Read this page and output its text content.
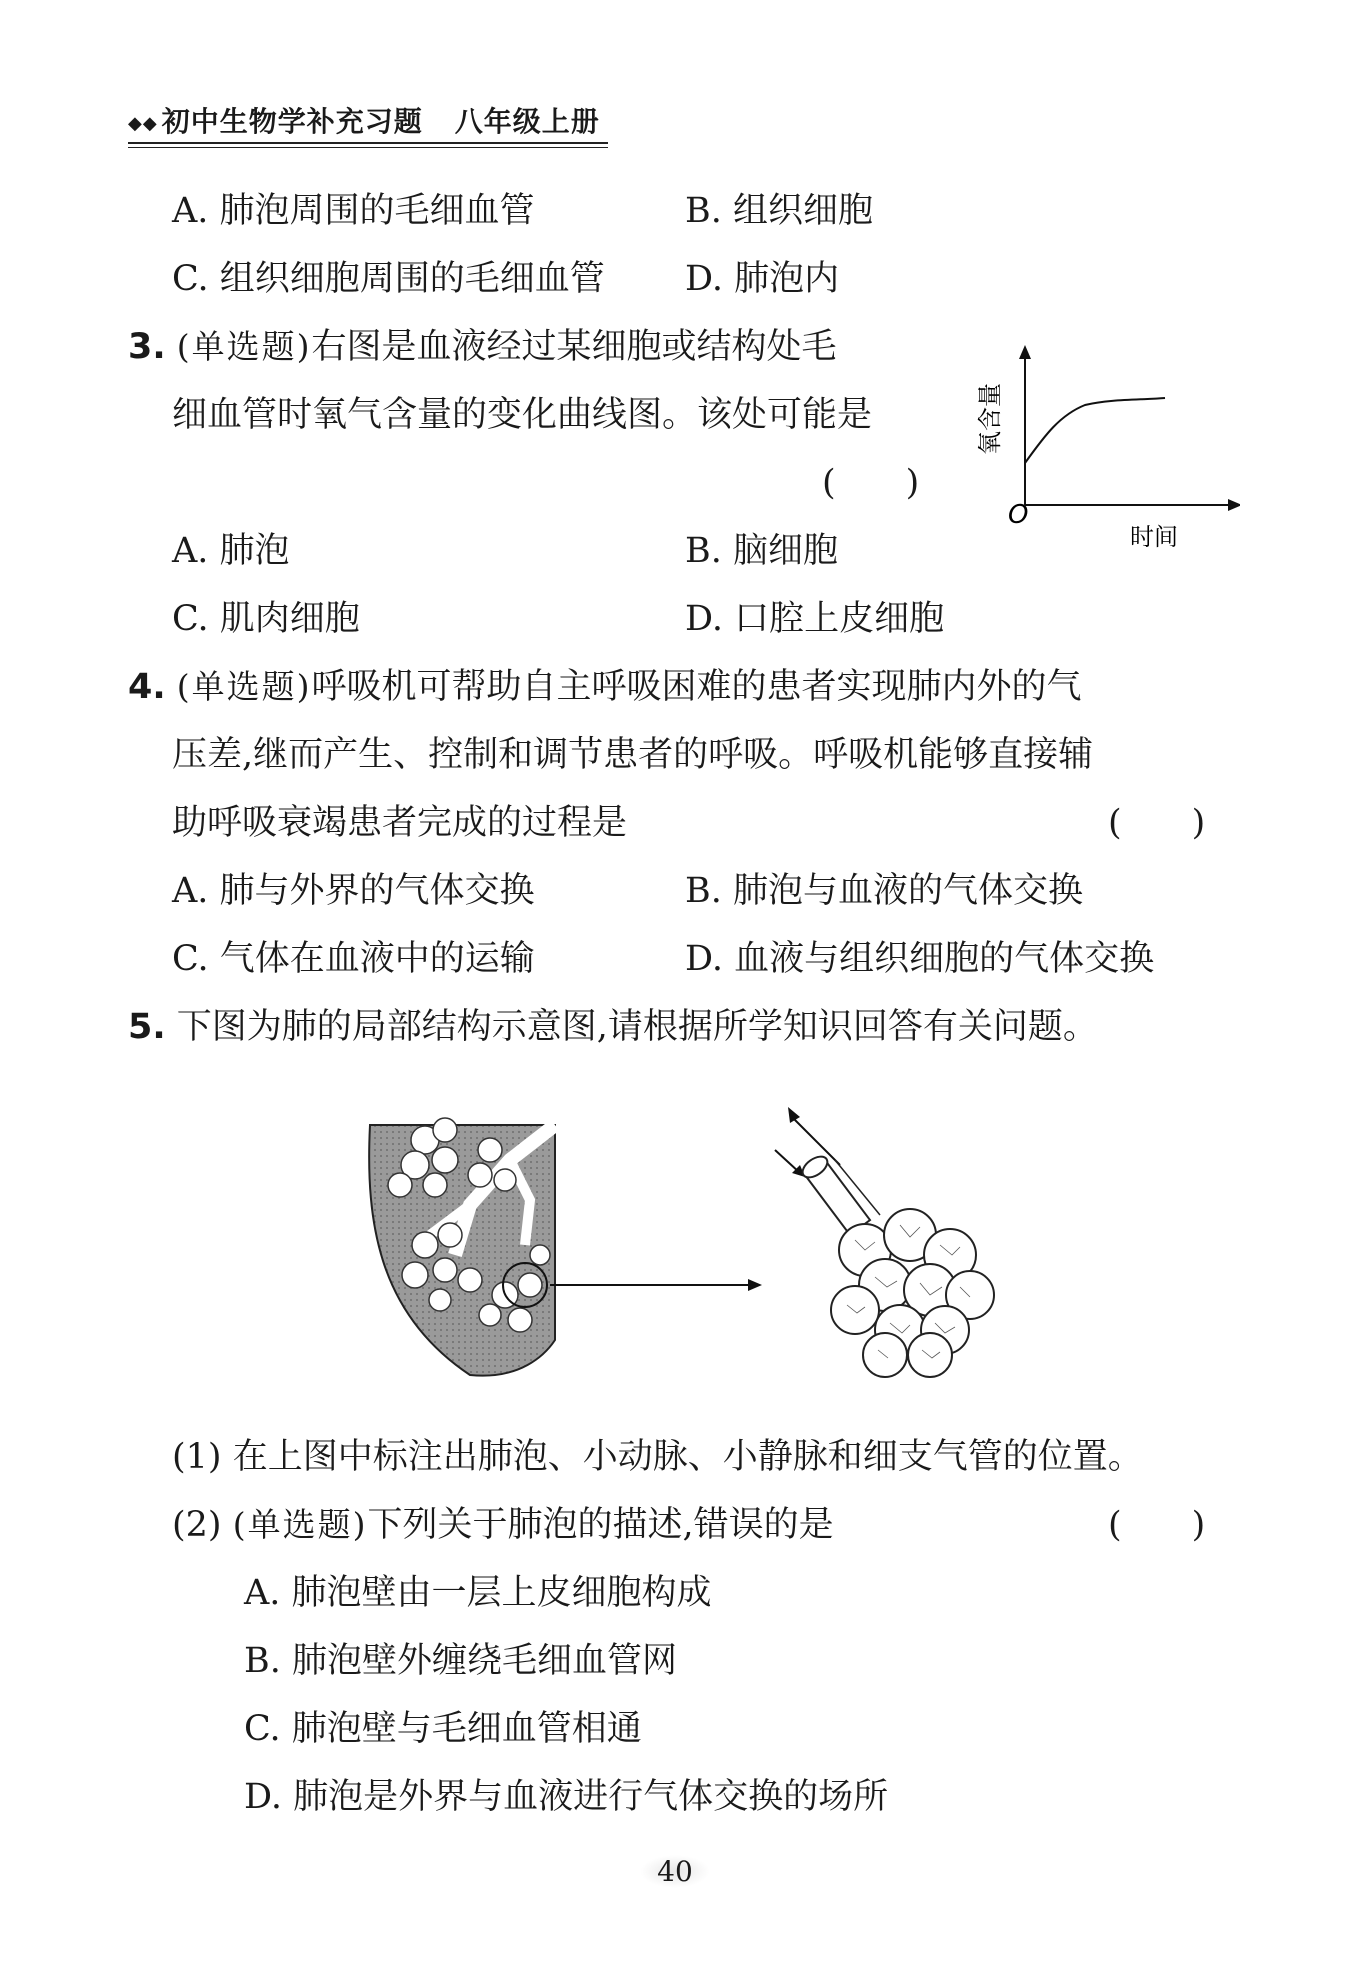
◆◆ 初中生物学补充习题 八年级上册
A. 肺泡周围的毛细血管	B. 组织细胞
C. 组织细胞周围的毛细血管 D. 肺泡内
3. (单选题)右图是血液经过某细胞或结构处毛
细血管时氧气含量的变化曲线图。该处可能是
(　　)
O
时间
氧含量
A. 肺泡	B. 脑细胞
C. 肌肉细胞	D. 口腔上皮细胞
4. (单选题)呼吸机可帮助自主呼吸困难的患者实现肺内外的气
压差,继而产生、控制和调节患者的呼吸。呼吸机能够直接辅
助呼吸衰竭患者完成的过程是	(　　)
A. 肺与外界的气体交换	B. 肺泡与血液的气体交换
C. 气体在血液中的运输	D. 血液与组织细胞的气体交换
5. 下图为肺的局部结构示意图,请根据所学知识回答有关问题。
(1) 在上图中标注出肺泡、小动脉、小静脉和细支气管的位置。
(2) (单选题)下列关于肺泡的描述,错误的是	(　　)
A. 肺泡壁由一层上皮细胞构成
B. 肺泡壁外缠绕毛细血管网
C. 肺泡壁与毛细血管相通
D. 肺泡是外界与血液进行气体交换的场所
40
